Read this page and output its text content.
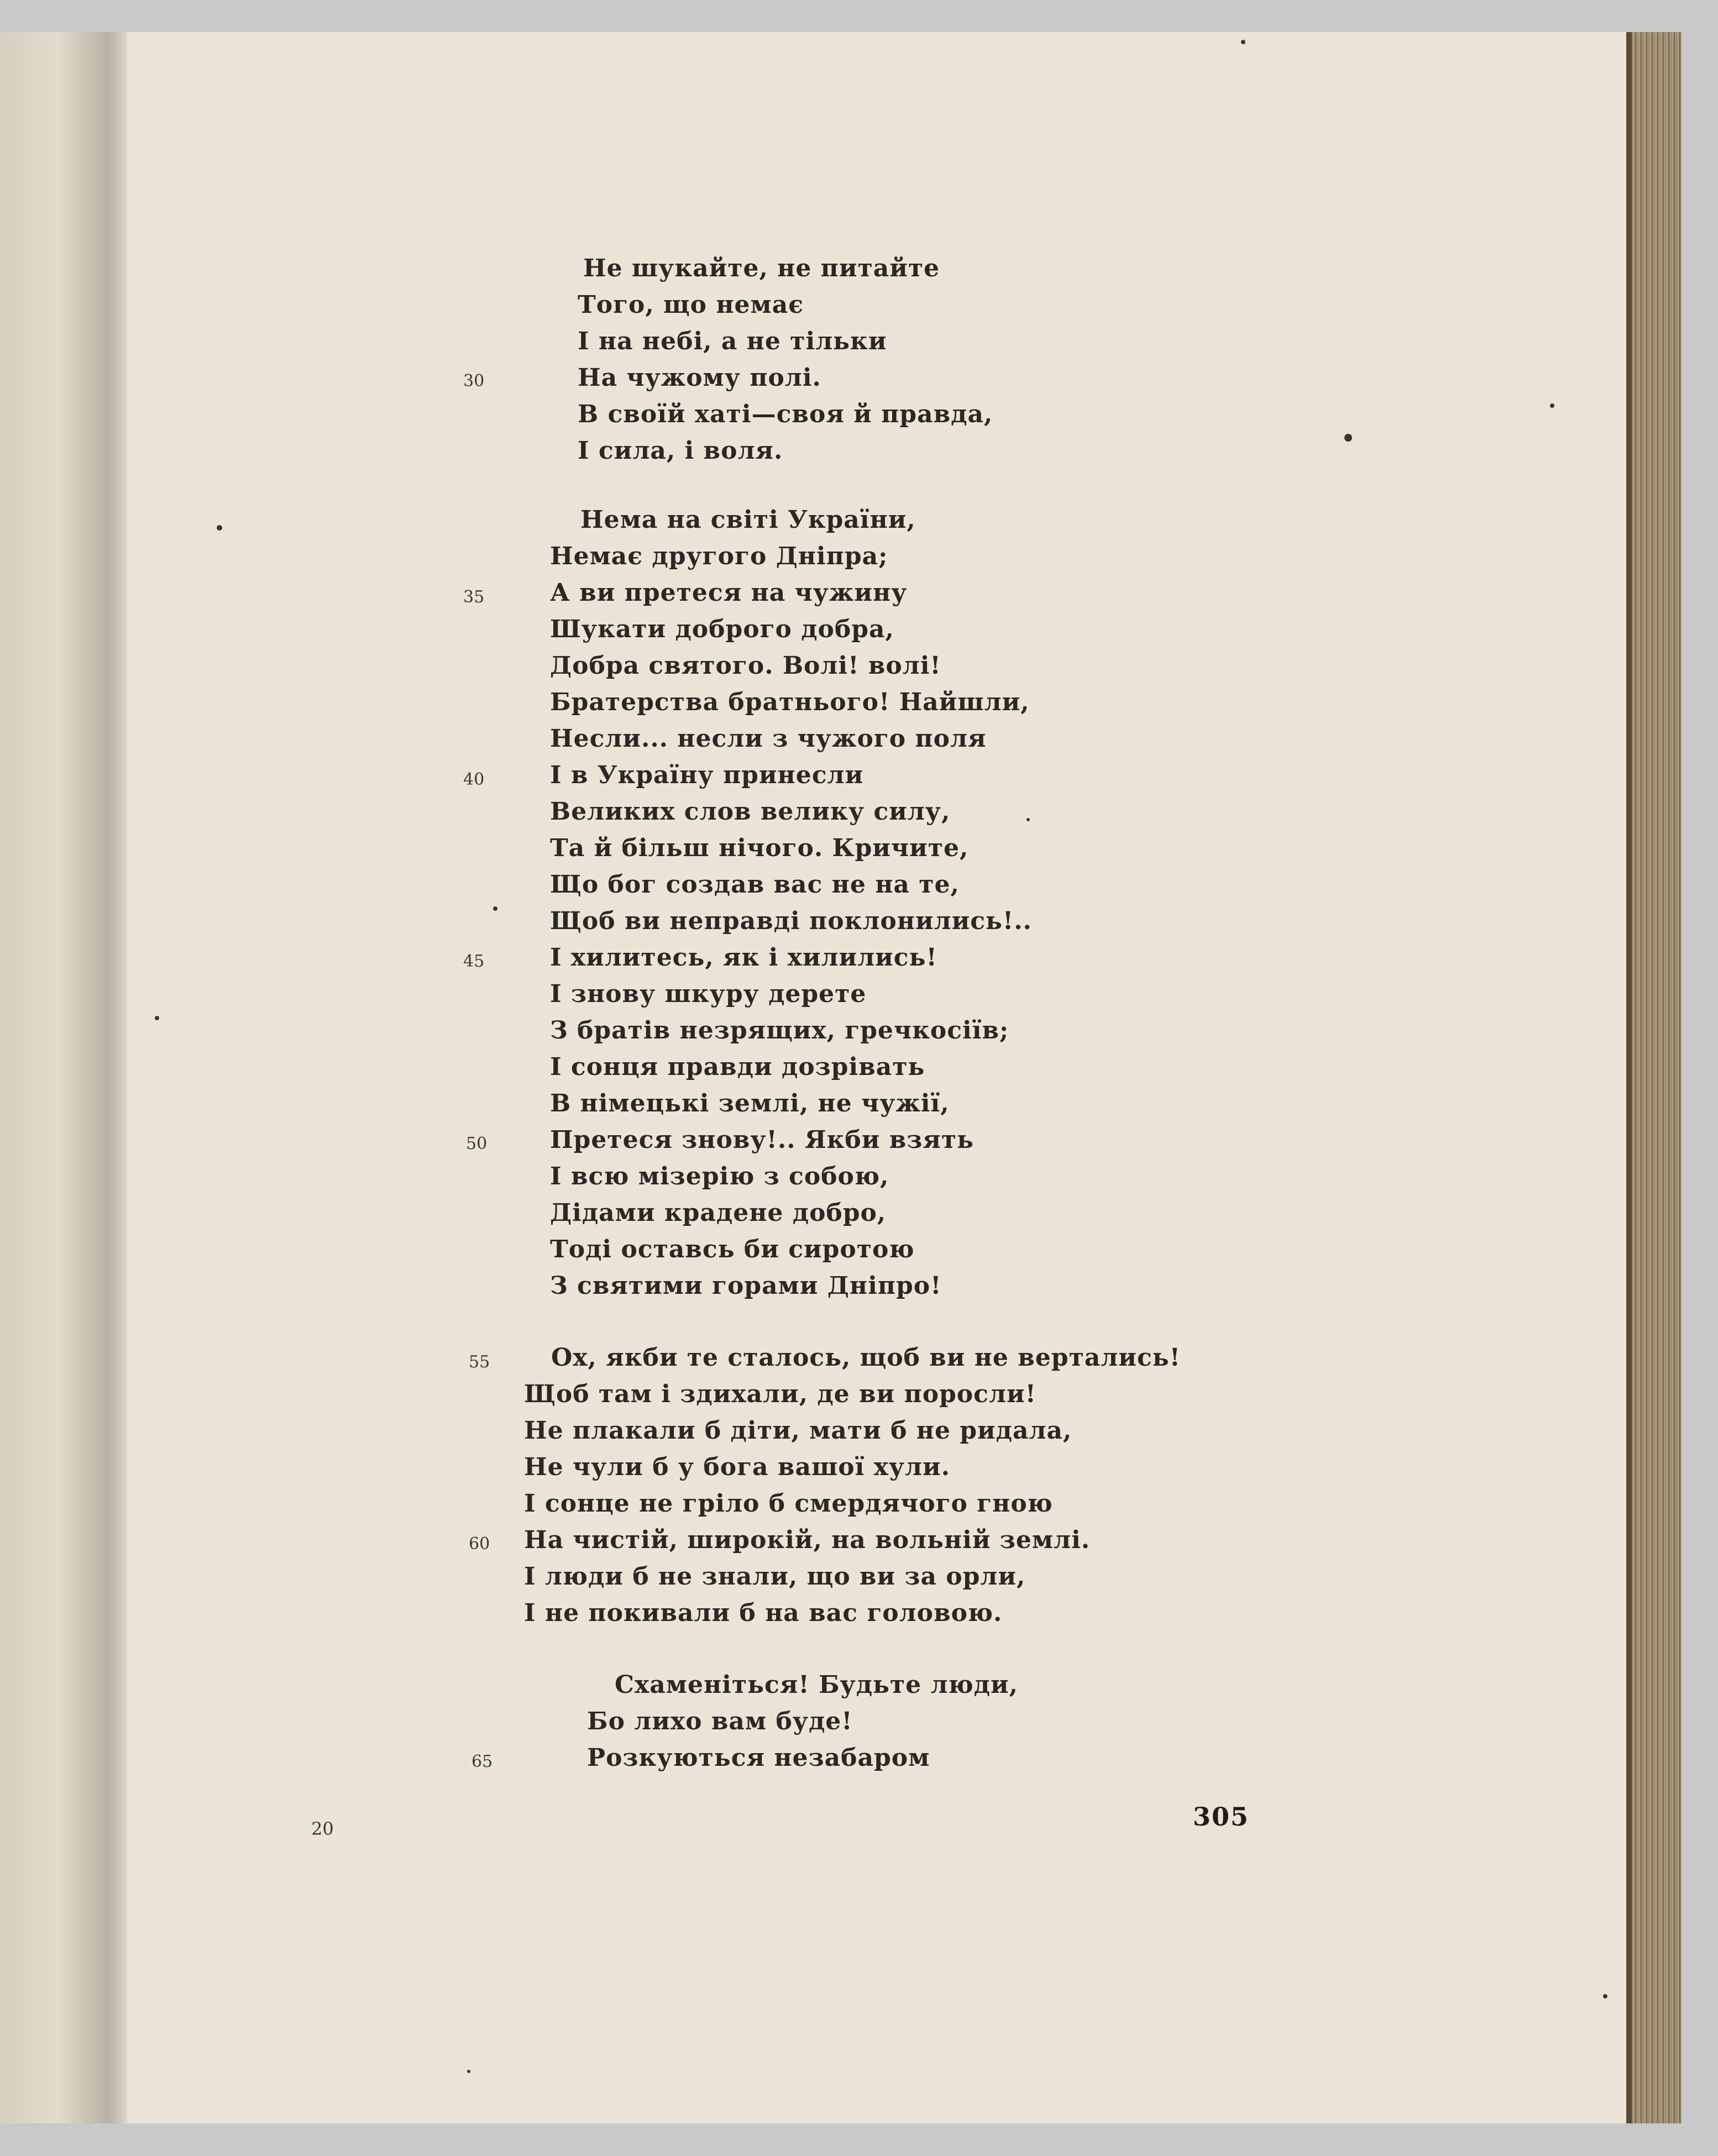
Не шукайте, не питайте
Того, що немає
І на небі, а не тільки
На чужому полі.
В своїй хаті—своя й правда,
І сила, і воля.
Нема на світі України,
Немає другого Дніпра;
А ви претеся на чужину
Шукати доброго добра,
Добра святого. Волі! волі!
Братерства братнього! Найшли,
Несли... несли з чужого поля
І в Україну принесли
Великих слов велику силу,
Та й більш нічого. Кричите,
Що бог создав вас не на те,
Щоб ви неправді поклонились!..
І хилитесь, як і хилились!
І знову шкуру дерете
З братів незрящих, гречкосіїв;
І сонця правди дозрівать
В німецькі землі, не чужії,
Претеся знову!.. Якби взять
І всю мізерію з собою,
Дідами крадене добро,
Тоді оставсь би сиротою
З святими горами Дніпро!
Ох, якби те сталось, щоб ви не вертались!
Щоб там і здихали, де ви поросли!
Не плакали б діти, мати б не ридала,
Не чули б у бога вашої хули.
І сонце не гріло б смердячого гною
На чистій, широкій, на вольній землі.
І люди б не знали, що ви за орли,
І не покивали б на вас головою.
Схаменіться! Будьте люди,
Бо лихо вам буде!
Розкуються незабаром
30
35
40
45
50
55
60
65
20	305
